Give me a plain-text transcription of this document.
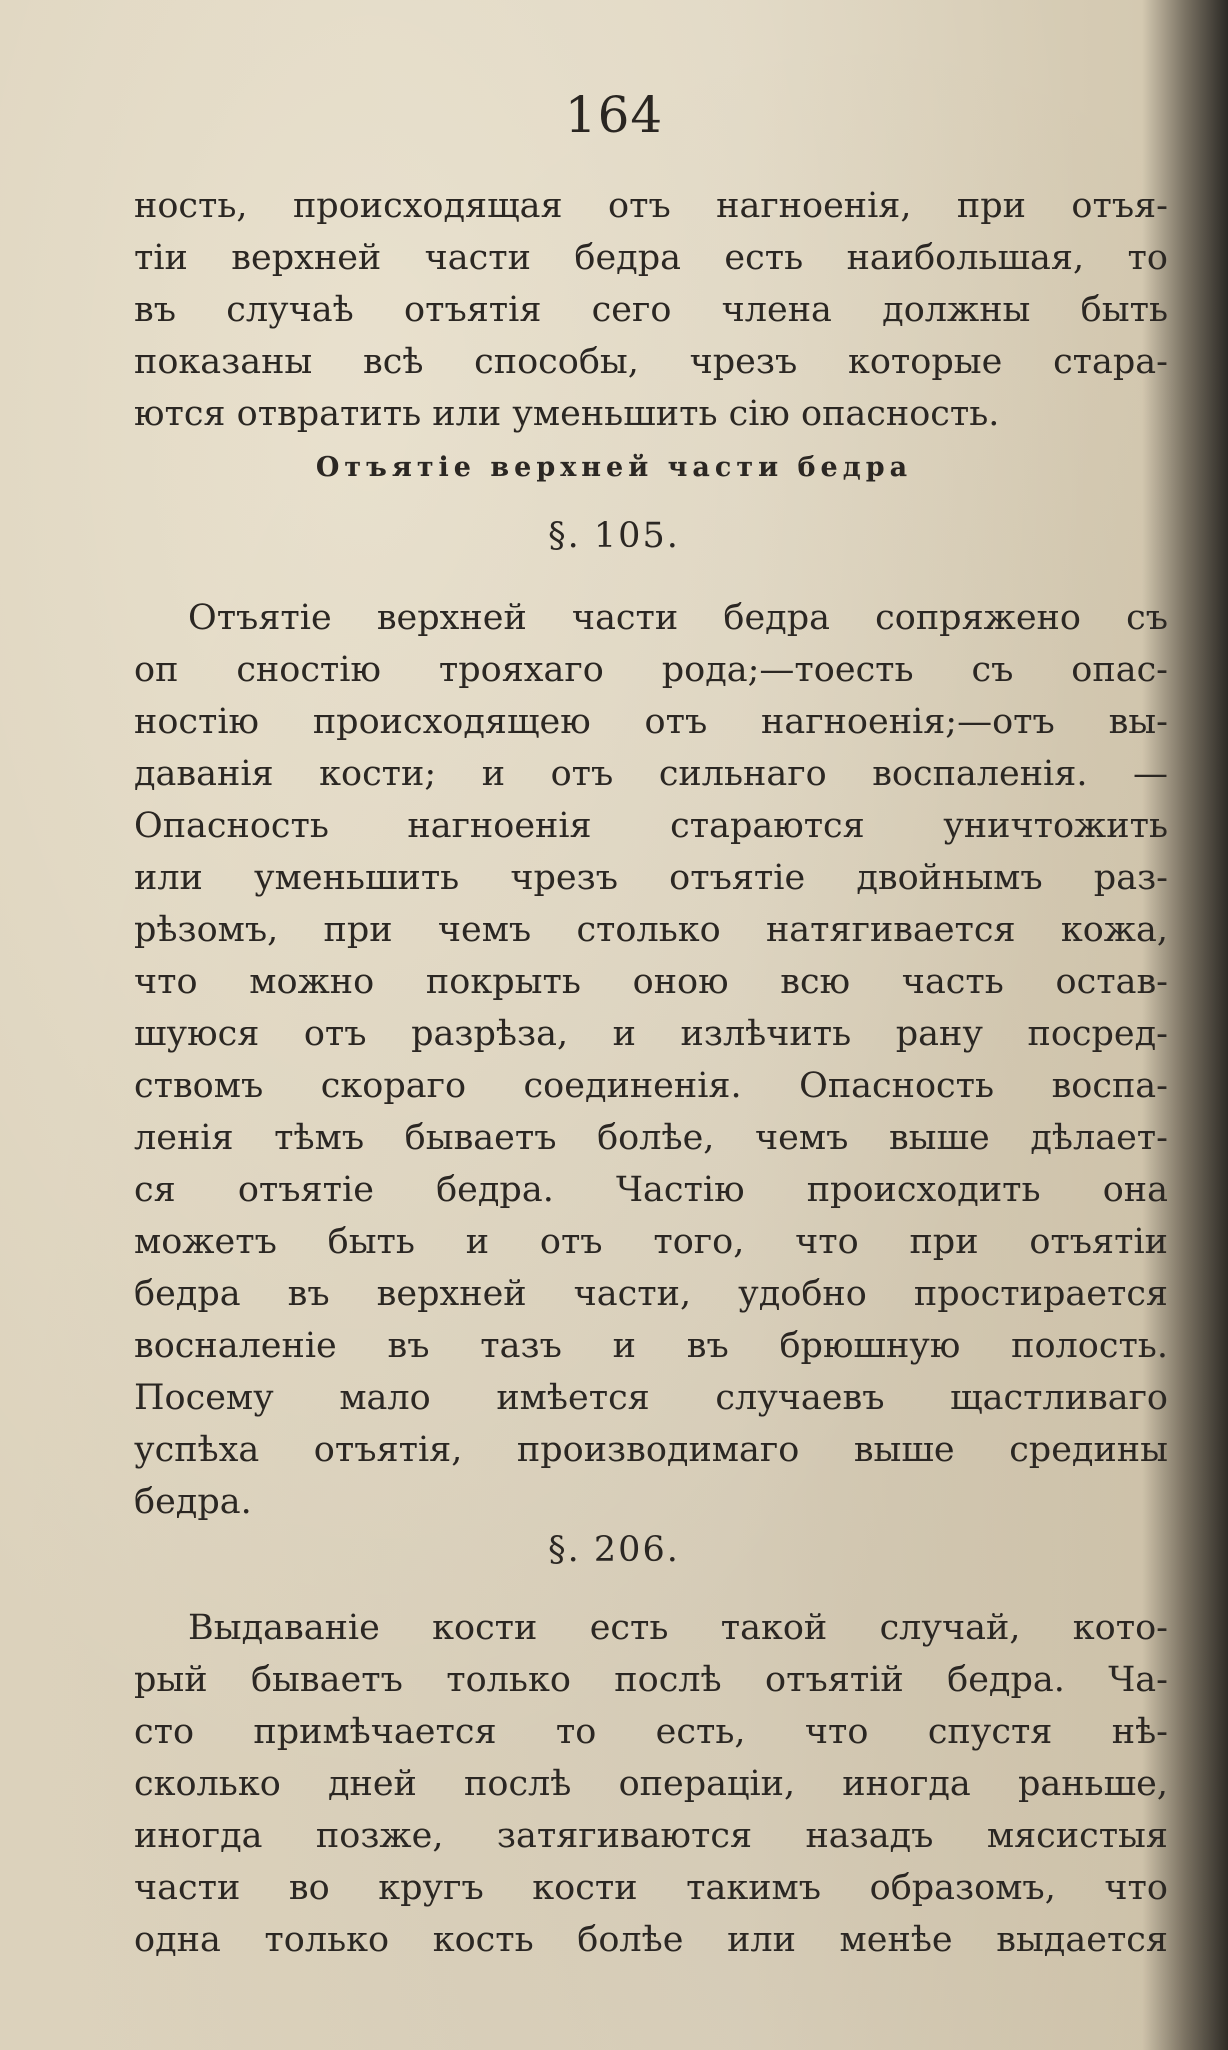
164
ность, происходящая отъ нагноенія, при отъя-
тіи верхней части бедра есть наибольшая, то
въ случаѣ отъятія сего члена должны быть
показаны всѣ способы, чрезъ которые стара-
ются отвратить или уменьшить сію опасность.
Отъятіе верхней части бедра
§. 105.
Отъятіе верхней части бедра сопряжено съ
оп сностію трояхаго рода;—тоесть съ опас-
ностію происходящею отъ нагноенія;—отъ вы-
даванія кости; и отъ сильнаго воспаленія. —
Опасность нагноенія стараются уничтожить
или уменьшить чрезъ отъятіе двойнымъ раз-
рѣзомъ, при чемъ столько натягивается кожа,
что можно покрыть оною всю часть остав-
шуюся отъ разрѣза, и излѣчить рану посред-
ствомъ скораго соединенія. Опасность воспа-
ленія тѣмъ бываетъ болѣе, чемъ выше дѣлает-
ся отъятіе бедра. Частію происходить она
можетъ быть и отъ того, что при отъятіи
бедра въ верхней части, удобно простирается
восналеніе въ тазъ и въ брюшную полость.
Посему мало имѣется случаевъ щастливаго
успѣха отъятія, производимаго выше средины
бедра.
§. 206.
Выдаваніе кости есть такой случай, кото-
рый бываетъ только послѣ отъятій бедра. Ча-
сто примѣчается то есть, что спустя нѣ-
сколько дней послѣ операціи, иногда раньше,
иногда позже, затягиваются назадъ мясистыя
части во кругъ кости такимъ образомъ, что
одна только кость болѣе или менѣе выдается
